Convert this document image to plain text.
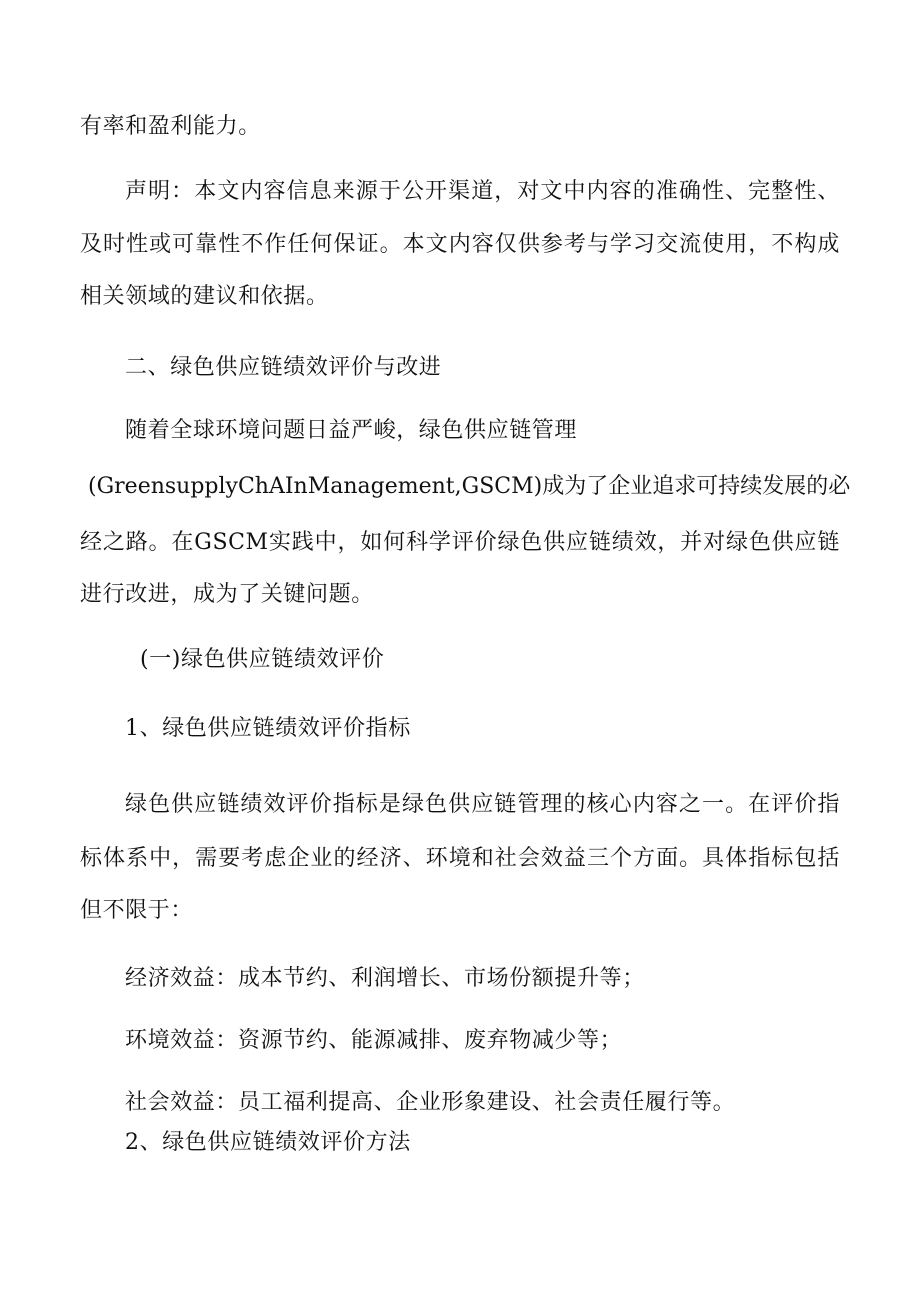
有率和盈利能力。
声明：本文内容信息来源于公开渠道，对文中内容的准确性、完整性、
及时性或可靠性不作任何保证。本文内容仅供参考与学习交流使用，不构成
相关领域的建议和依据。
二、绿色供应链绩效评价与改进
随着全球环境问题日益严峻，绿色供应链管理
(GreensupplyChAInManagement,GSCM)成为了企业追求可持续发展的必
经之路。在GSCM实践中，如何科学评价绿色供应链绩效，并对绿色供应链
进行改进，成为了关键问题。
(一)绿色供应链绩效评价
1、绿色供应链绩效评价指标
绿色供应链绩效评价指标是绿色供应链管理的核心内容之一。在评价指
标体系中，需要考虑企业的经济、环境和社会效益三个方面。具体指标包括
但不限于：
经济效益：成本节约、利润增长、市场份额提升等；
环境效益：资源节约、能源减排、废弃物减少等；
社会效益：员工福利提高、企业形象建设、社会责任履行等。
2、绿色供应链绩效评价方法
